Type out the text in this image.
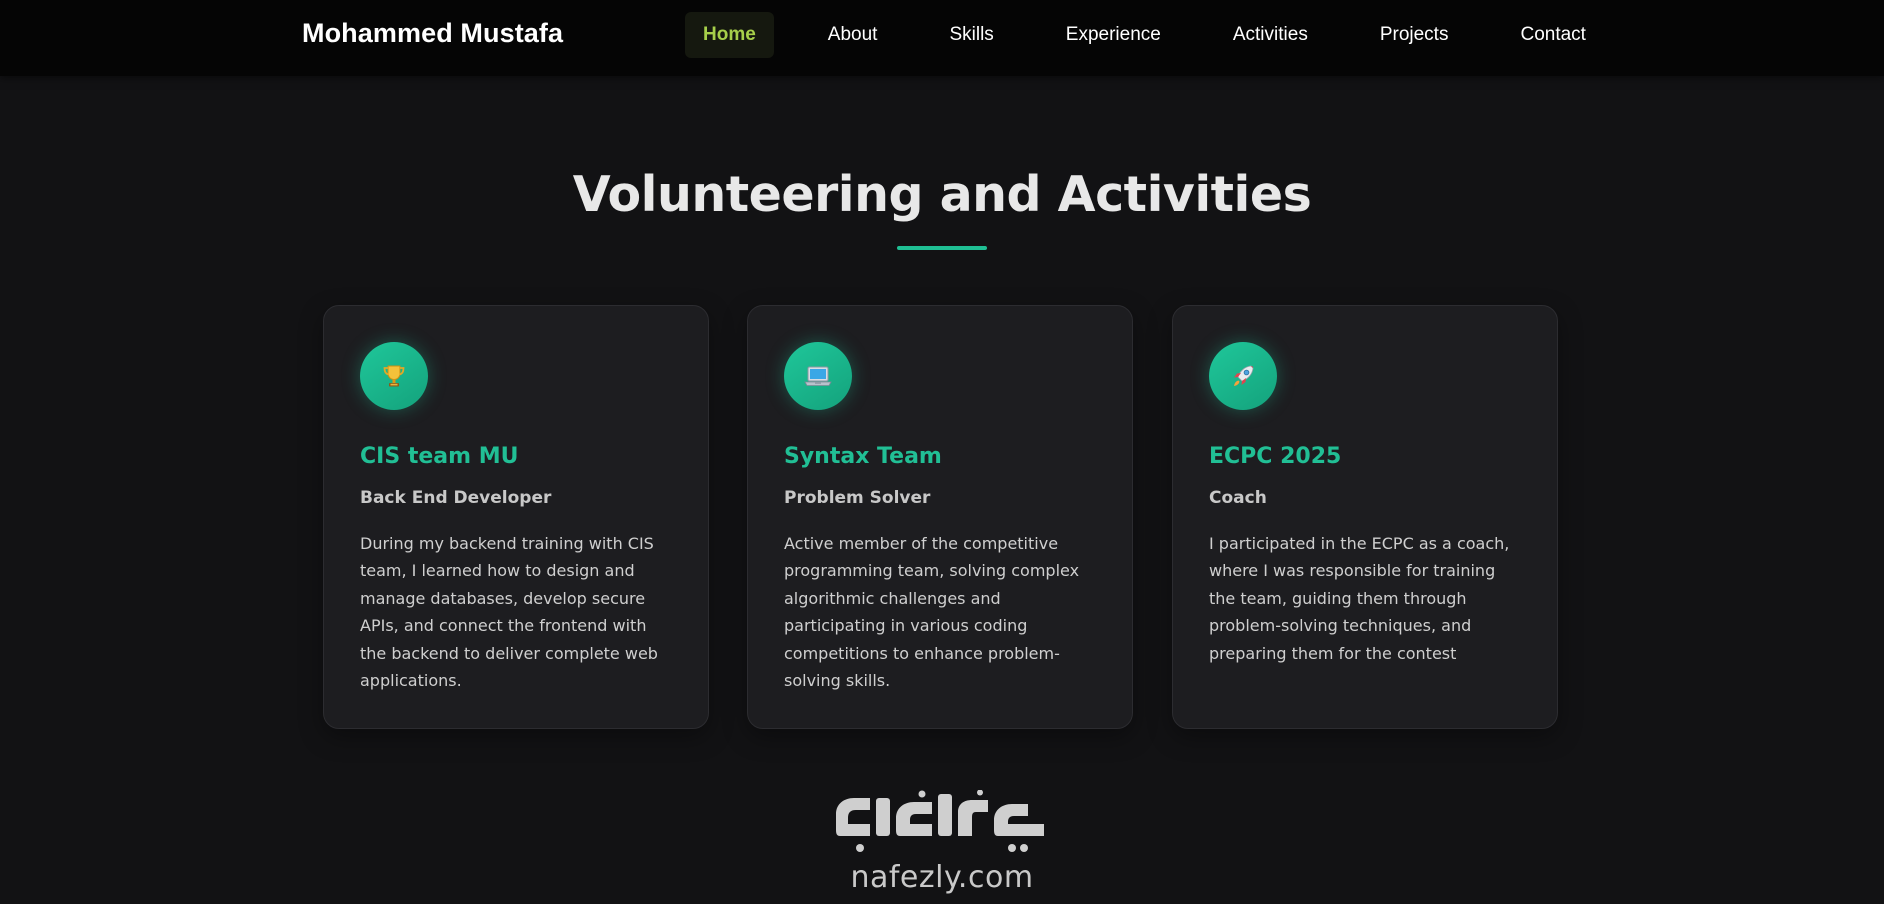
Mohammed Mustafa	Home	About	Skills	Experience	Activities	Projects	Contact
Volunteering and Activities
CIS team MU
Back End Developer
During my backend training with CIS team, I learned how to design and manage databases, develop secure APIs, and connect the frontend with the backend to deliver complete web applications.
Syntax Team
Problem Solver
Active member of the competitive programming team, solving complex algorithmic challenges and participating in various coding competitions to enhance problem-solving skills.
ECPC 2025
Coach
I participated in the ECPC as a coach, where I was responsible for training the team, guiding them through problem-solving techniques, and preparing them for the contest
nafezly.com
